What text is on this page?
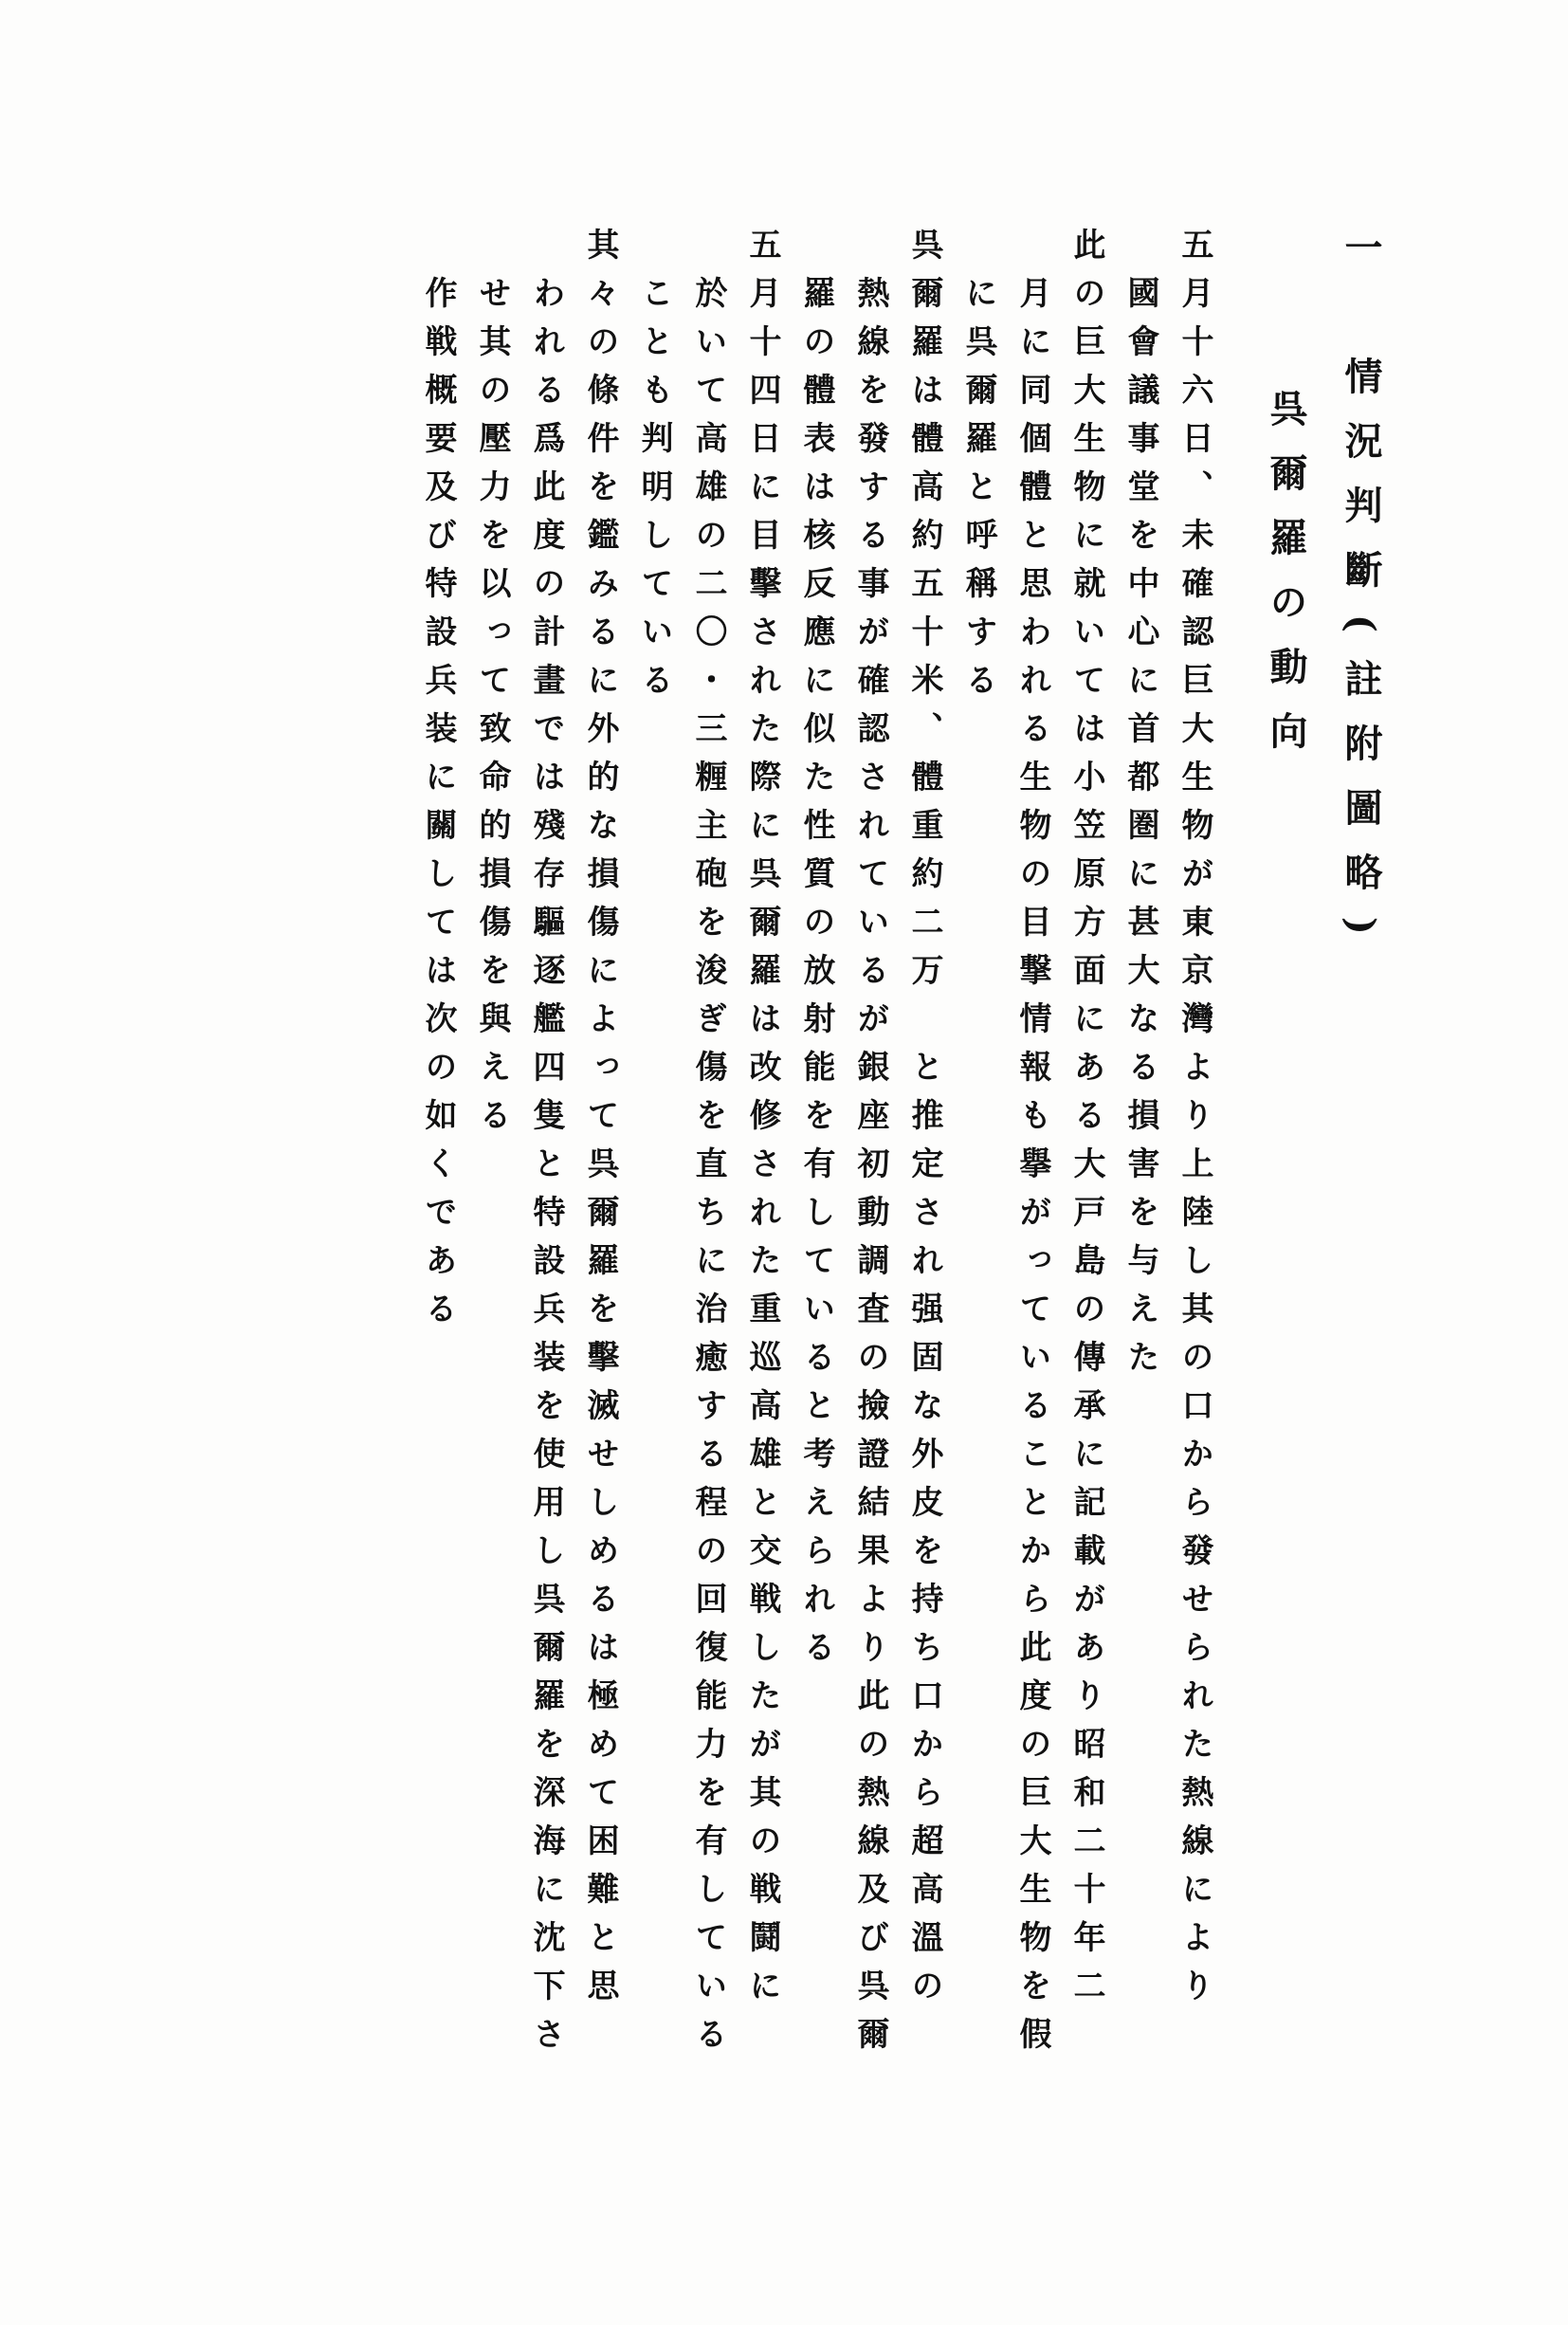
一　情況判斷(註附圖略)
呉爾羅の動向
五月十六日、未確認巨大生物が東京灣より上陸し其の口から發せられた熱線により
國會議事堂を中心に首都圏に甚大なる損害を与えた
此の巨大生物に就いては小笠原方面にある大戸島の傳承に記載があり昭和二十年二
月に同個體と思われる生物の目撃情報も擧がっていることから此度の巨大生物を假
に呉爾羅と呼稱する
呉爾羅は體高約五十米、體重約二万　と推定され强固な外皮を持ち口から超高溫の
熱線を發する事が確認されているが銀座初動調査の撿證結果より此の熱線及び呉爾
羅の體表は核反應に似た性質の放射能を有していると考えられる
五月十四日に目擊された際に呉爾羅は改修された重巡高雄と交戦したが其の戦鬪に
於いて高雄の二〇・三糎主砲を浚ぎ傷を直ちに治癒する程の回復能力を有している
ことも判明している
其々の條件を鑑みるに外的な損傷によって呉爾羅を擊滅せしめるは極めて困難と思
われる爲此度の計畫では殘存驅逐艦四隻と特設兵装を使用し呉爾羅を深海に沈下さ
せ其の壓力を以って致命的損傷を與える
作戦概要及び特設兵装に關しては次の如くである
